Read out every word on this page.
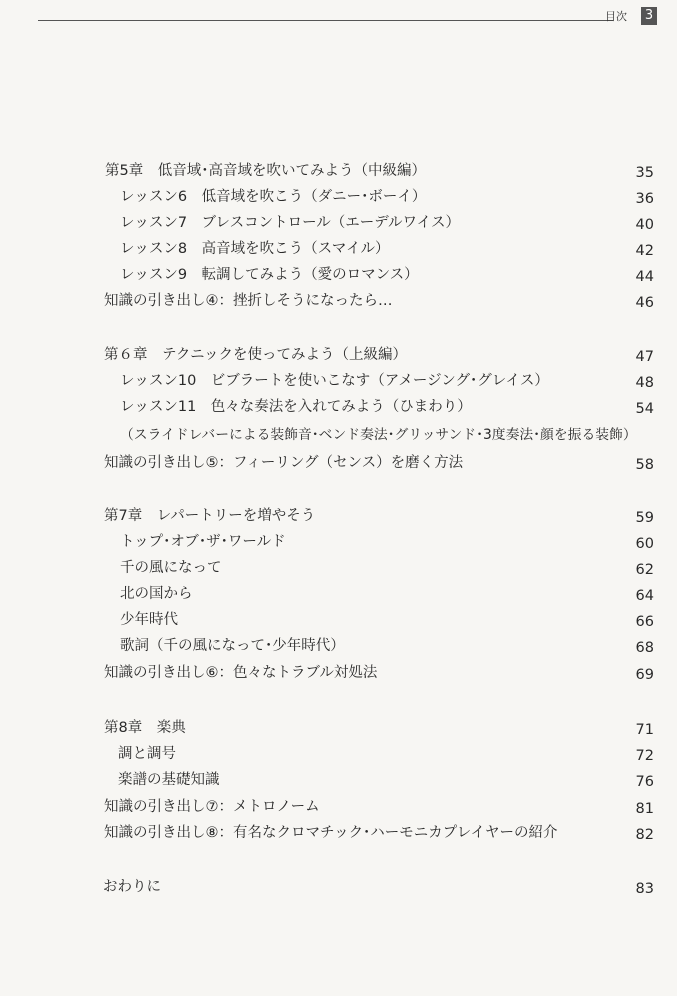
目次 3
第5章　低音域･高音域を吹いてみよう（中級編）	35
レッスン6　低音域を吹こう（ダニー･ボーイ）	36
レッスン7　ブレスコントロール（エーデルワイス）	40
レッスン8　高音域を吹こう（スマイル）	42
レッスン9　転調してみよう（愛のロマンス）	44
知識の引き出し④：挫折しそうになったら…	46
第６章　テクニックを使ってみよう（上級編）	47
レッスン10　ビブラートを使いこなす（アメージング･グレイス）	48
レッスン11　色々な奏法を入れてみよう（ひまわり）	54
（スライドレバーによる装飾音･ベンド奏法･グリッサンド･3度奏法･顔を振る装飾）
知識の引き出し⑤：フィーリング（センス）を磨く方法	58
第7章　レパートリーを増やそう	59
トップ･オブ･ザ･ワールド	60
千の風になって	62
北の国から	64
少年時代	66
歌詞（千の風になって･少年時代）	68
知識の引き出し⑥：色々なトラブル対処法	69
第8章　楽典	71
調と調号	72
楽譜の基礎知識	76
知識の引き出し⑦：メトロノーム	81
知識の引き出し⑧：有名なクロマチック･ハーモニカプレイヤーの紹介	82
おわりに	83
